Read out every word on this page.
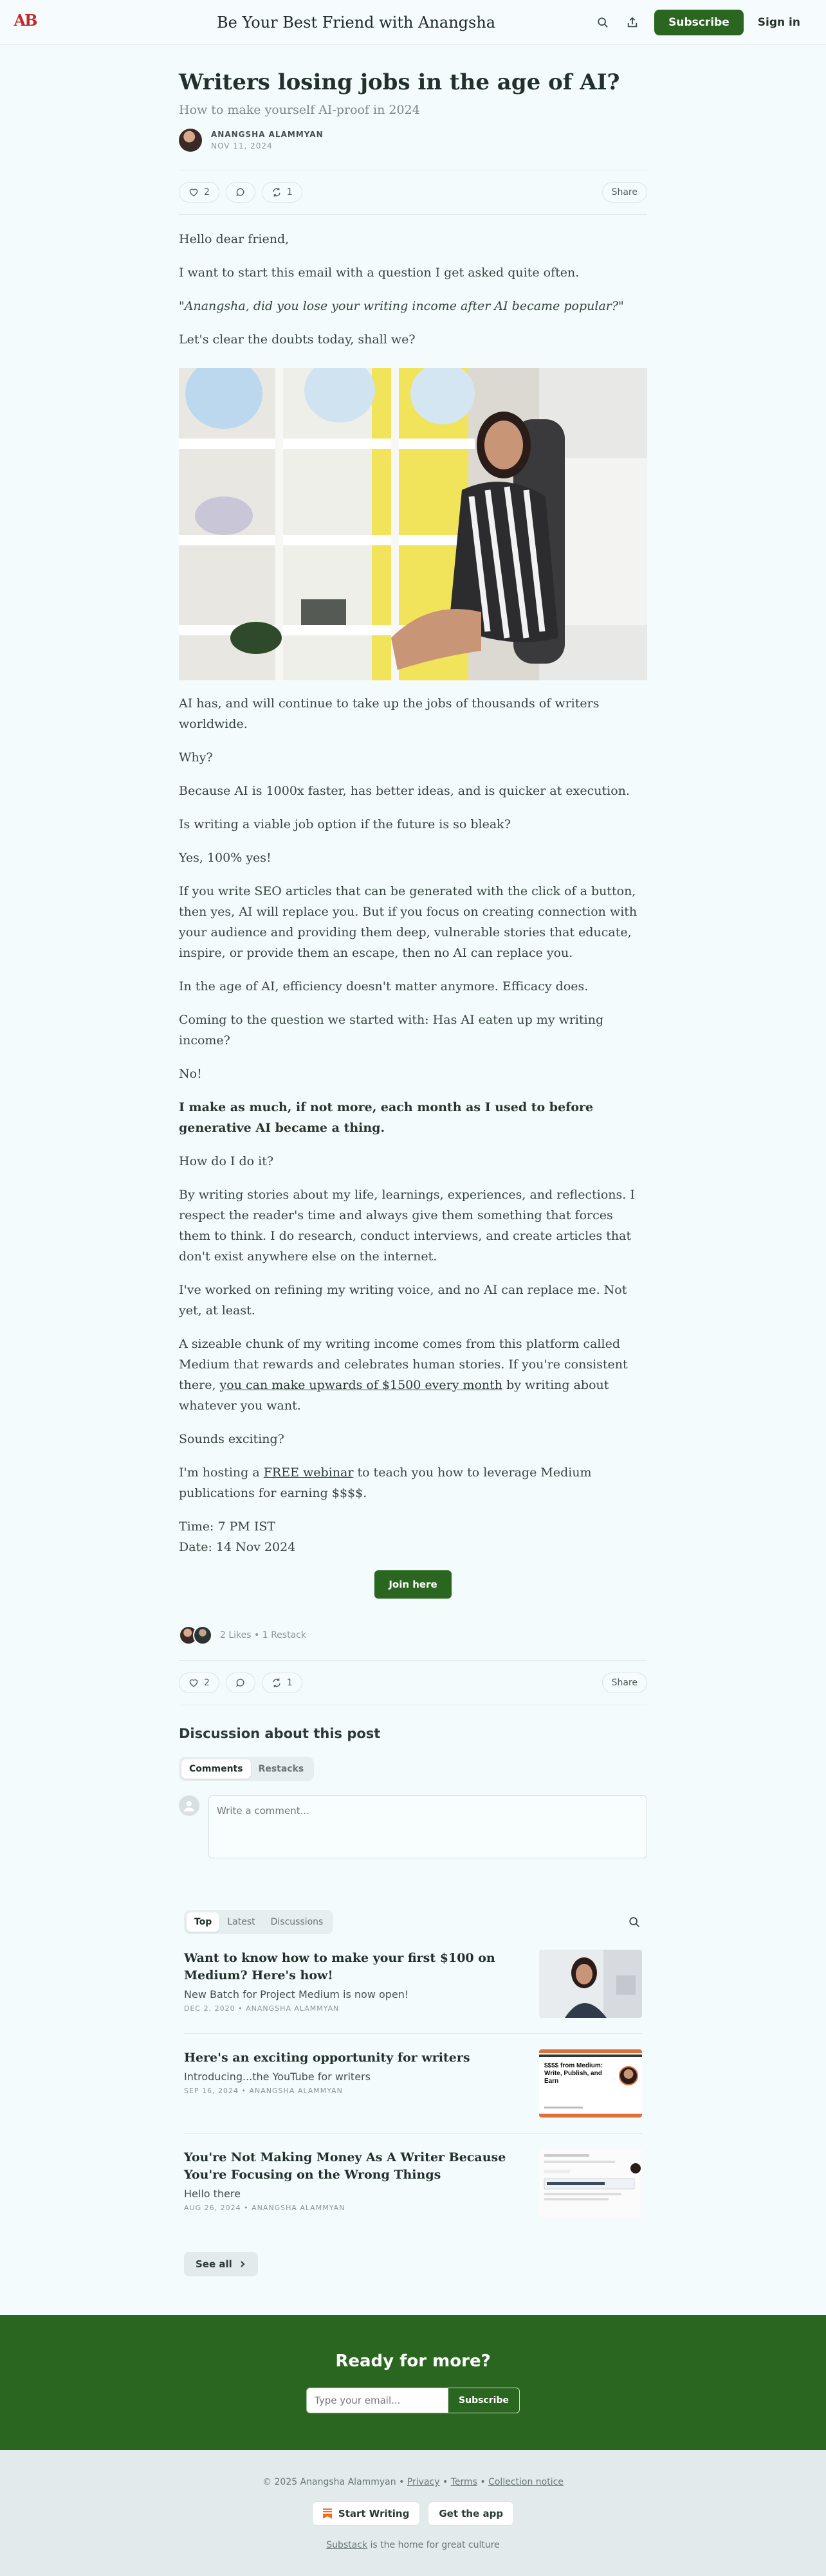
AB
	Be Your Best Friend with Anangsha	Subscribe	Sign in
Writers losing jobs in the age of AI?
How to make yourself AI-proof in 2024
ANANGSHA ALAMMYAN
NOV 11, 2024
2	1	Share

Hello dear friend,

I want to start this email with a question I get asked quite often.

"Anangsha, did you lose your writing income after AI became popular?"

Let's clear the doubts today, shall we?

AI has, and will continue to take up the jobs of thousands of writers worldwide.

Why?

Because AI is 1000x faster, has better ideas, and is quicker at execution.

Is writing a viable job option if the future is so bleak?

Yes, 100% yes!

If you write SEO articles that can be generated with the click of a button, then yes, AI will replace you. But if you focus on creating connection with your audience and providing them deep, vulnerable stories that educate, inspire, or provide them an escape, then no AI can replace you.

In the age of AI, efficiency doesn't matter anymore. Efficacy does.

Coming to the question we started with: Has AI eaten up my writing income?

No!

I make as much, if not more, each month as I used to before generative AI became a thing.

How do I do it?

By writing stories about my life, learnings, experiences, and reflections. I respect the reader's time and always give them something that forces them to think. I do research, conduct interviews, and create articles that don't exist anywhere else on the internet.

I've worked on refining my writing voice, and no AI can replace me. Not yet, at least.

A sizeable chunk of my writing income comes from this platform called Medium that rewards and celebrates human stories. If you're consistent there, you can make upwards of $1500 every month by writing about whatever you want.

Sounds exciting?

I'm hosting a FREE webinar to teach you how to leverage Medium publications for earning $$$$.

Time: 7 PM IST
Date: 14 Nov 2024

Join here
2 Likes • 1 Restack
2	1	Share
Discussion about this post
Comments	Restacks
Write a comment...
Top	Latest	Discussions
Want to know how to make your first $100 on Medium? Here's how!
New Batch for Project Medium is now open!
DEC 2, 2020 • ANANGSHA ALAMMYAN
Here's an exciting opportunity for writers
Introducing...the YouTube for writers
SEP 16, 2024 • ANANGSHA ALAMMYAN
$$$$ from Medium: Write, Publish, and Earn
You're Not Making Money As A Writer Because You're Focusing on the Wrong Things
Hello there
AUG 26, 2024 • ANANGSHA ALAMMYAN
See all
Ready for more?
Type your email...
Subscribe
© 2025 Anangsha Alammyan • Privacy • Terms • Collection notice
Start Writing	Get the app
Substack is the home for great culture
